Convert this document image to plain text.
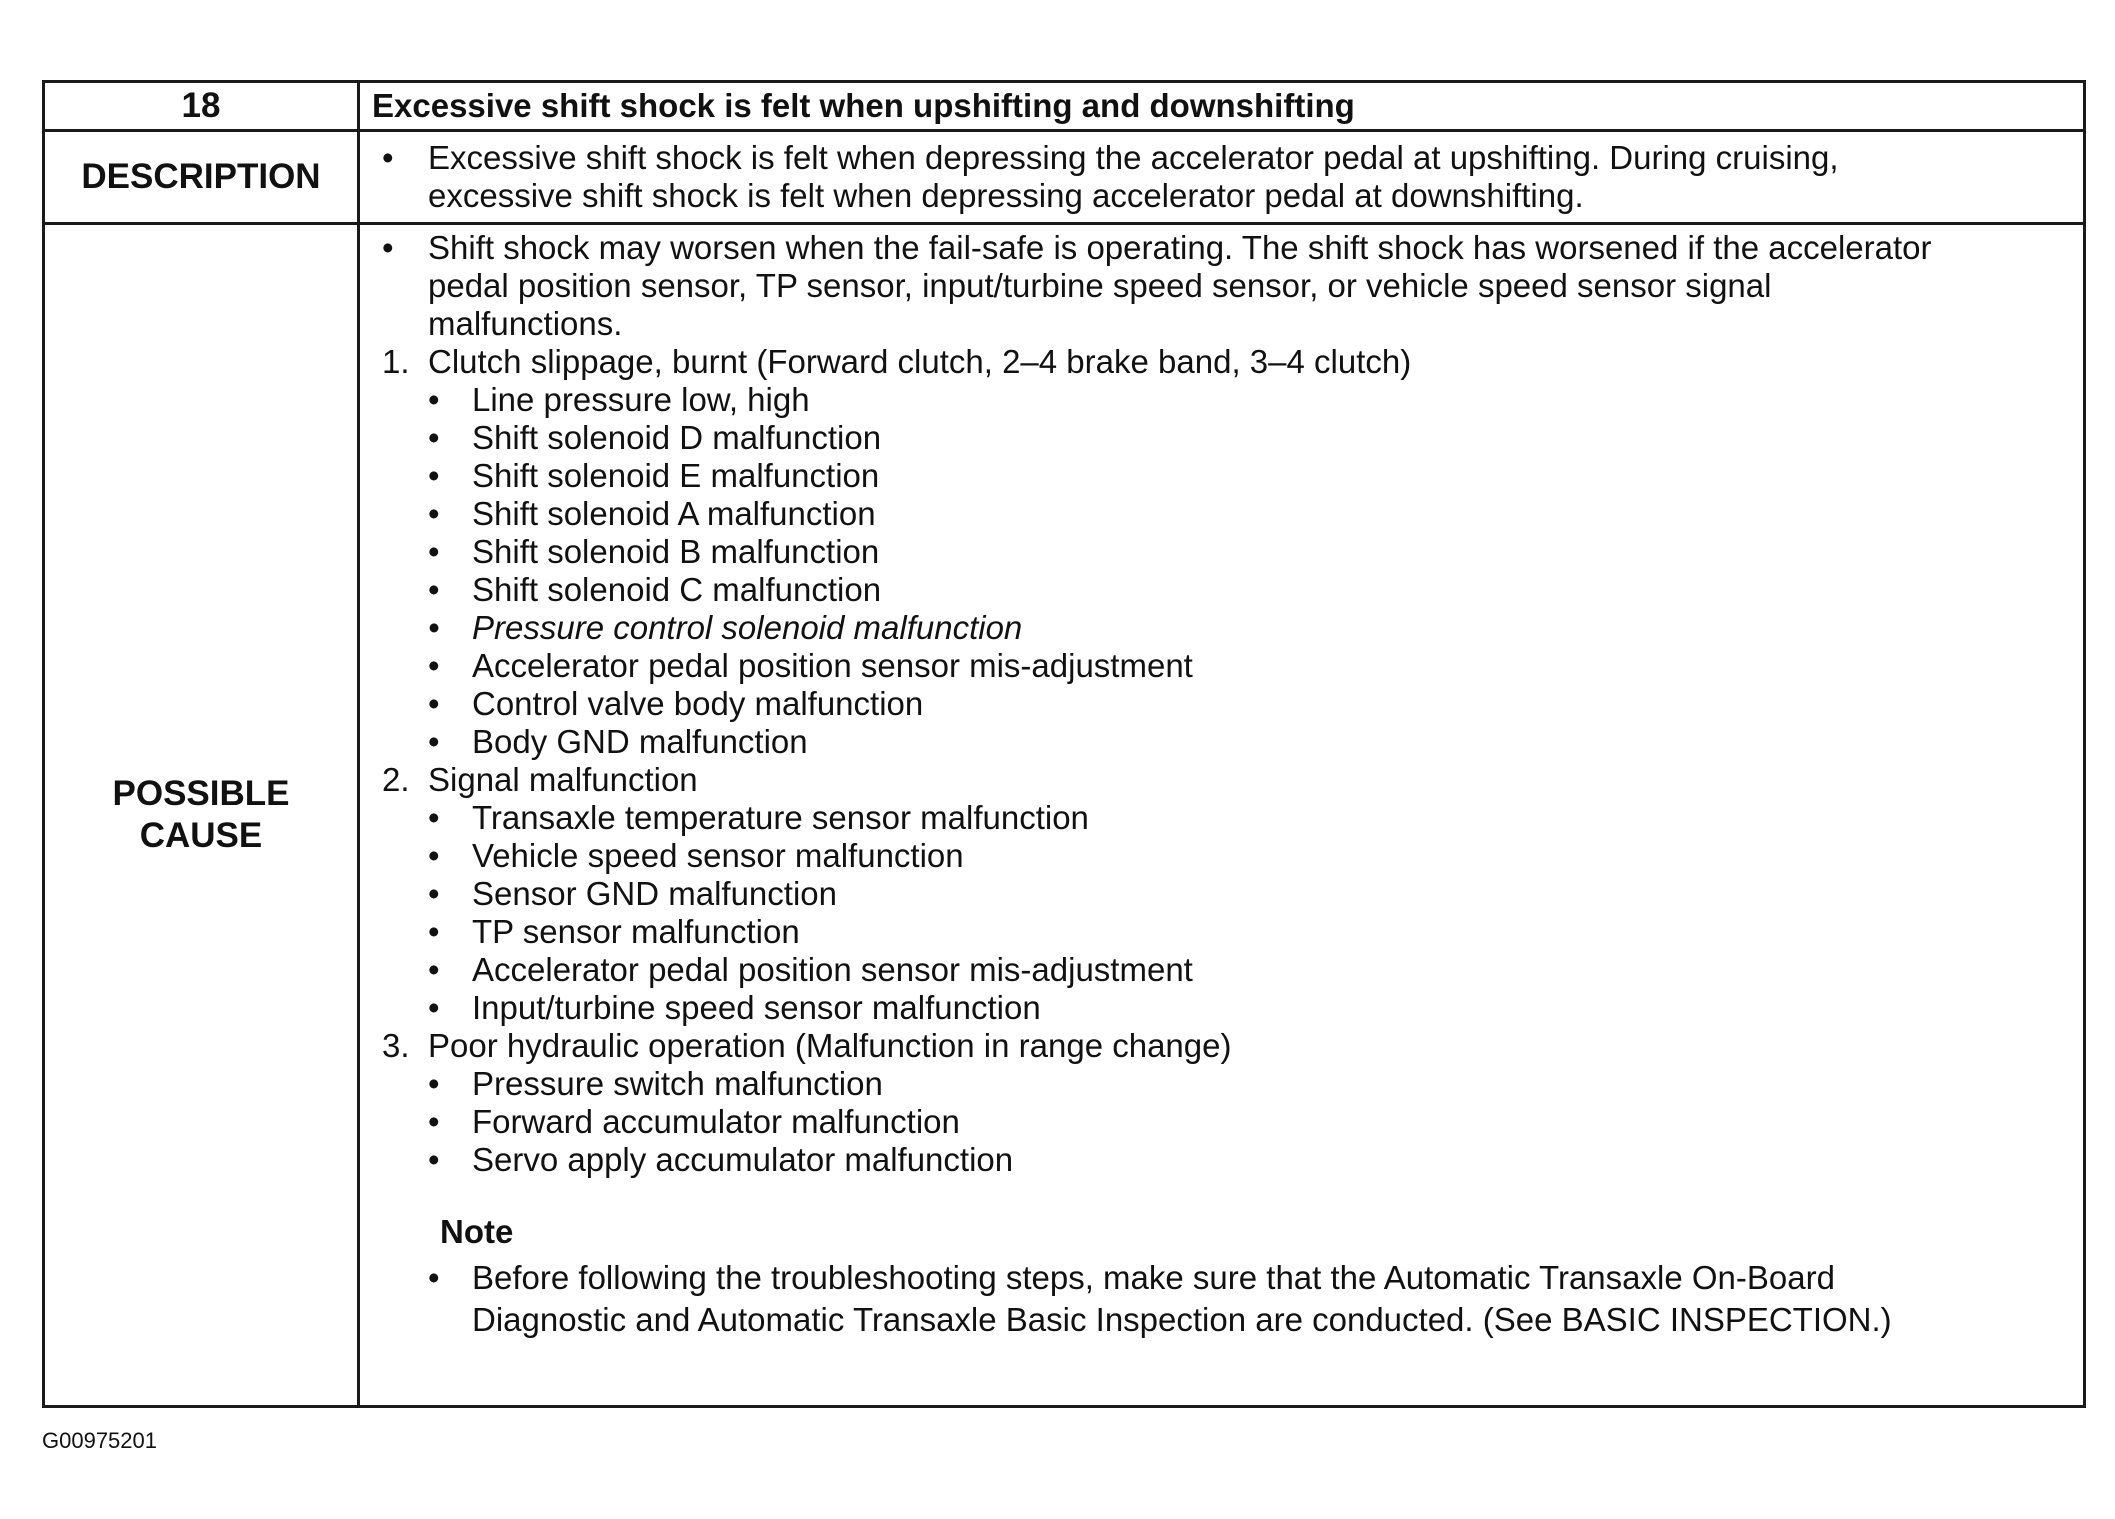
18	Excessive shift shock is felt when upshifting and downshifting
DESCRIPTION	• Excessive shift shock is felt when depressing the accelerator pedal at upshifting. During cruising,
excessive shift shock is felt when depressing accelerator pedal at downshifting.
POSSIBLE
CAUSE
• Shift shock may worsen when the fail-safe is operating. The shift shock has worsened if the accelerator
pedal position sensor, TP sensor, input/turbine speed sensor, or vehicle speed sensor signal
malfunctions.
1. Clutch slippage, burnt (Forward clutch, 2–4 brake band, 3–4 clutch)
• Line pressure low, high
• Shift solenoid D malfunction
• Shift solenoid E malfunction
• Shift solenoid A malfunction
• Shift solenoid B malfunction
• Shift solenoid C malfunction
• Pressure control solenoid malfunction
• Accelerator pedal position sensor mis-adjustment
• Control valve body malfunction
• Body GND malfunction
2. Signal malfunction
• Transaxle temperature sensor malfunction
• Vehicle speed sensor malfunction
• Sensor GND malfunction
• TP sensor malfunction
• Accelerator pedal position sensor mis-adjustment
• Input/turbine speed sensor malfunction
3. Poor hydraulic operation (Malfunction in range change)
• Pressure switch malfunction
• Forward accumulator malfunction
• Servo apply accumulator malfunction
Note
• Before following the troubleshooting steps, make sure that the Automatic Transaxle On-Board
Diagnostic and Automatic Transaxle Basic Inspection are conducted. (See BASIC INSPECTION.)
G00975201
